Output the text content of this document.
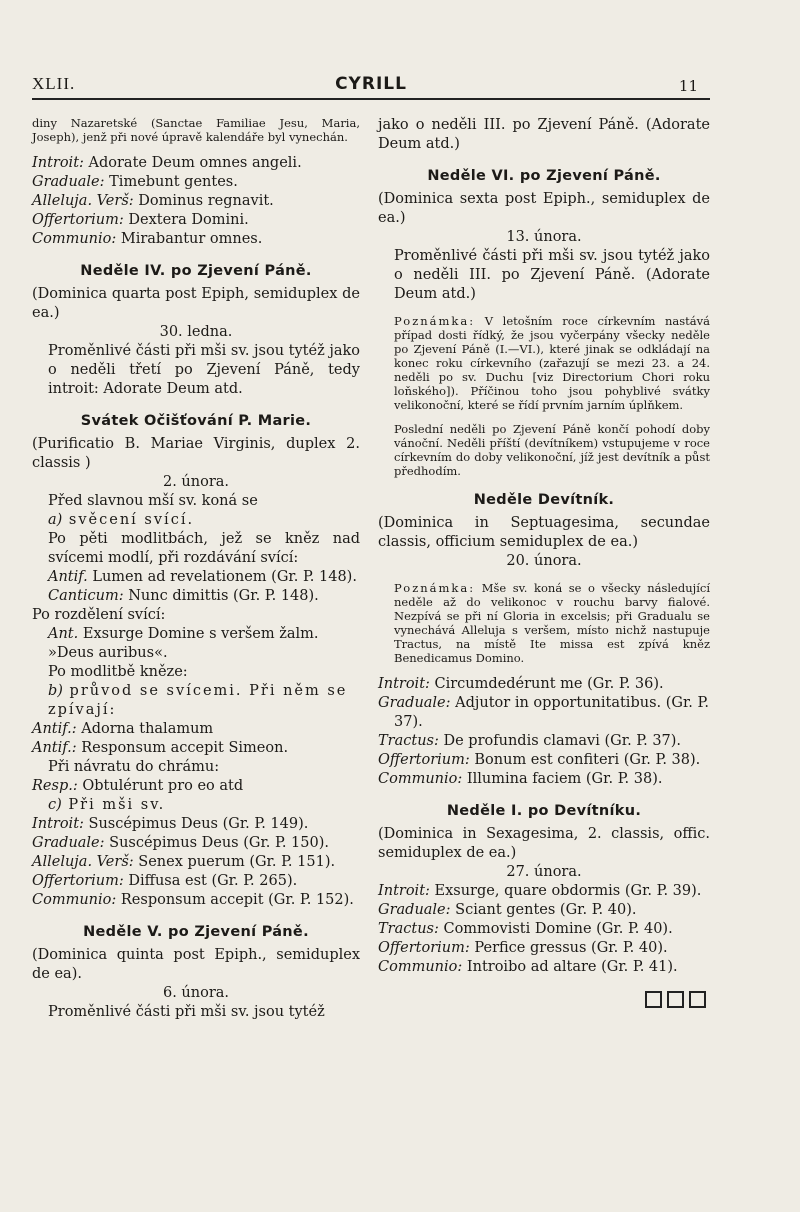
XLII.	CYRILL	11

diny Nazaretské (Sanctae Familiae Jesu, Maria, Joseph), jenž při nové úpravě kalendáře byl vynechán.

Introit: Adorate Deum omnes angeli.

Graduale: Timebunt gentes.

Alleluja. Verš: Dominus regnavit.

Offertorium: Dextera Domini.

Communio: Mirabantur omnes.

Neděle IV. po Zjevení Páně.

(Dominica quarta post Epiph, semiduplex de ea.)

30. ledna.

Proměnlivé části při mši sv. jsou tytéž jako o neděli třetí po Zjevení Páně, tedy introit: Adorate Deum atd.

Svátek Očišťování P. Marie.

(Purificatio B. Mariae Virginis, duplex 2. classis )

2. února.

Před slavnou mší sv. koná se

a) svěcení svící.

Po pěti modlitbách, jež se kněz nad svícemi modlí, při rozdávání svící:

Antif. Lumen ad revelationem (Gr. P. 148).

Canticum: Nunc dimittis (Gr. P. 148).

Po rozdělení svící:

Ant. Exsurge Domine s veršem žalm. »Deus auribus«.

Po modlitbě kněze:

b) průvod se svícemi. Při něm se zpívají:

Antif.: Adorna thalamum

Antif.: Responsum accepit Simeon.

Při návratu do chrámu:

Resp.: Obtulérunt pro eo atd

c) Při mši sv.

Introit: Suscépimus Deus (Gr. P. 149).

Graduale: Suscépimus Deus (Gr. P. 150).

Alleluja. Verš: Senex puerum (Gr. P. 151).

Offertorium: Diffusa est (Gr. P. 265).

Communio: Responsum accepit (Gr. P. 152).

Neděle V. po Zjevení Páně.

(Dominica quinta post Epiph., semiduplex de ea).

6. února.

Proměnlivé části při mši sv. jsou tytéž

jako o neděli III. po Zjevení Páně. (Adorate Deum atd.)

Neděle VI. po Zjevení Páně.

(Dominica sexta post Epiph., semiduplex de ea.)

13. února.

Proměnlivé části při mši sv. jsou tytéž jako o neděli III. po Zjevení Páně. (Adorate Deum atd.)

Poznámka: V letošním roce církevním nastává případ dosti řídký, že jsou vyčerpány všecky neděle po Zjevení Páně (I.—VI.), které jinak se odkládají na konec roku církevního (zařazují se mezi 23. a 24. neděli po sv. Duchu [viz Directorium Chori roku loňského]). Příčinou toho jsou pohyblivé svátky velikonoční, které se řídí prvním jarním úplňkem.

Poslední neděli po Zjevení Páně končí pohodí doby vánoční. Neděli příští (devítníkem) vstupujeme v roce církevním do doby velikonoční, jíž jest devítník a půst předhodím.

Neděle Devítník.

(Dominica in Septuagesima, secundae classis, officium semiduplex de ea.)

20. února.

Poznámka: Mše sv. koná se o všecky následující neděle až do velikonoc v rouchu barvy fialové. Nezpívá se při ní Gloria in excelsis; při Gradualu se vynechává Alleluja s veršem, místo nichž nastupuje Tractus, na místě Ite missa est zpívá kněz Benedicamus Domino.

Introit: Circumdedérunt me (Gr. P. 36).

Graduale: Adjutor in opportunitatibus. (Gr. P. 37).

Tractus: De profundis clamavi (Gr. P. 37).

Offertorium: Bonum est confiteri (Gr. P. 38).

Communio: Illumina faciem (Gr. P. 38).

Neděle I. po Devítníku.

(Dominica in Sexagesima, 2. classis, offic. semiduplex de ea.)

27. února.

Introit: Exsurge, quare obdormis (Gr. P. 39).

Graduale: Sciant gentes (Gr. P. 40).

Tractus: Commovisti Domine (Gr. P. 40).

Offertorium: Perfice gressus (Gr. P. 40).

Communio: Introibo ad altare (Gr. P. 41).
